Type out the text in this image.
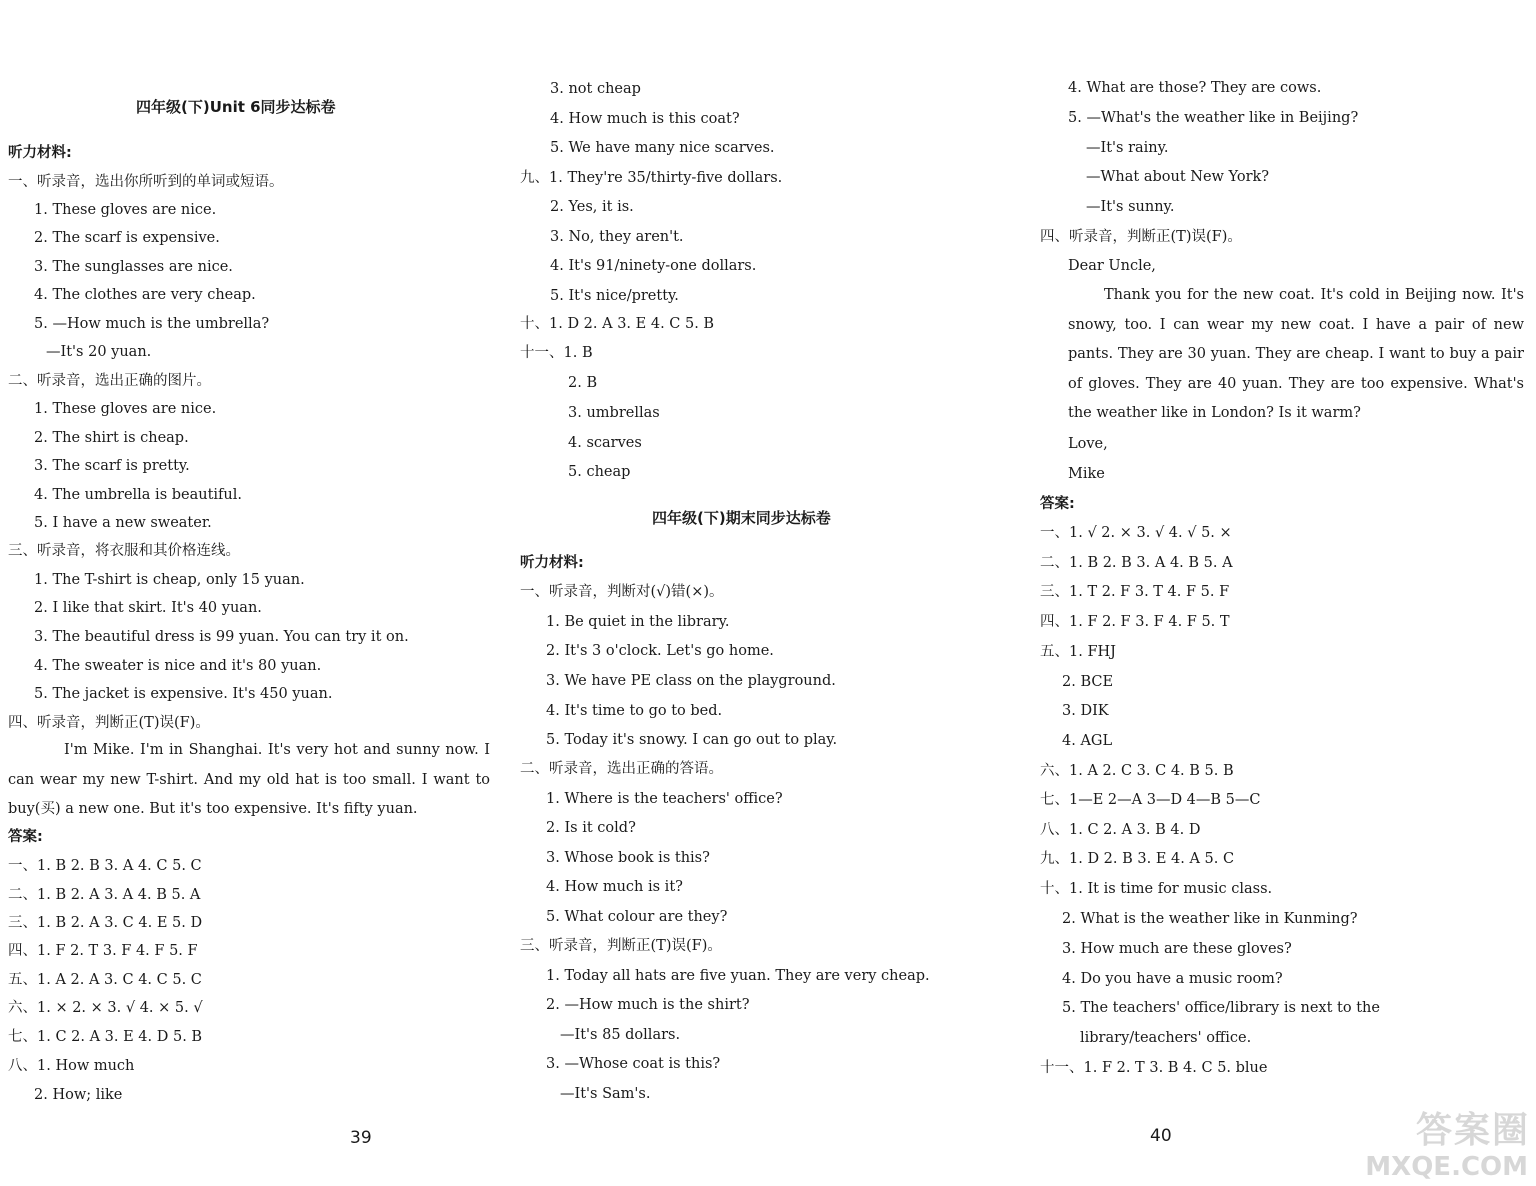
四年级(下)Unit 6同步达标卷
听力材料:
一、听录音，选出你所听到的单词或短语。
1. These gloves are nice.
2. The scarf is expensive.
3. The sunglasses are nice.
4. The clothes are very cheap.
5. —How much is the umbrella?
—It's 20 yuan.
二、听录音，选出正确的图片。
1. These gloves are nice.
2. The shirt is cheap.
3. The scarf is pretty.
4. The umbrella is beautiful.
5. I have a new sweater.
三、听录音，将衣服和其价格连线。
1. The T-shirt is cheap, only 15 yuan.
2. I like that skirt. It's 40 yuan.
3. The beautiful dress is 99 yuan. You can try it on.
4. The sweater is nice and it's 80 yuan.
5. The jacket is expensive. It's 450 yuan.
四、听录音，判断正(T)误(F)。
I'm Mike. I'm in Shanghai. It's very hot and sunny now. I can wear my new T-shirt. And my old hat is too small. I want to buy(买) a new one. But it's too expensive. It's fifty yuan.
答案:
一、1. B 2. B 3. A 4. C 5. C
二、1. B 2. A 3. A 4. B 5. A
三、1. B 2. A 3. C 4. E 5. D
四、1. F 2. T 3. F 4. F 5. F
五、1. A 2. A 3. C 4. C 5. C
六、1. × 2. × 3. √ 4. × 5. √
七、1. C 2. A 3. E 4. D 5. B
八、1. How much
2. How; like
39
3. not cheap
4. How much is this coat?
5. We have many nice scarves.
九、1. They're 35/thirty-five dollars.
2. Yes, it is.
3. No, they aren't.
4. It's 91/ninety-one dollars.
5. It's nice/pretty.
十、1. D 2. A 3. E 4. C 5. B
十一、1. B
2. B
3. umbrellas
4. scarves
5. cheap
四年级(下)期末同步达标卷
听力材料:
一、听录音，判断对(√)错(×)。
1. Be quiet in the library.
2. It's 3 o'clock. Let's go home.
3. We have PE class on the playground.
4. It's time to go to bed.
5. Today it's snowy. I can go out to play.
二、听录音，选出正确的答语。
1. Where is the teachers' office?
2. Is it cold?
3. Whose book is this?
4. How much is it?
5. What colour are they?
三、听录音，判断正(T)误(F)。
1. Today all hats are five yuan. They are very cheap.
2. —How much is the shirt?
—It's 85 dollars.
3. —Whose coat is this?
—It's Sam's.
4. What are those? They are cows.
5. —What's the weather like in Beijing?
—It's rainy.
—What about New York?
—It's sunny.
四、听录音，判断正(T)误(F)。
Dear Uncle,
Thank you for the new coat. It's cold in Beijing now. It's snowy, too. I can wear my new coat. I have a pair of new pants. They are 30 yuan. They are cheap. I want to buy a pair of gloves. They are 40 yuan. They are too expensive. What's the weather like in London? Is it warm?
Love,
Mike
答案:
一、1. √ 2. × 3. √ 4. √ 5. ×
二、1. B 2. B 3. A 4. B 5. A
三、1. T 2. F 3. T 4. F 5. F
四、1. F 2. F 3. F 4. F 5. T
五、1. FHJ
2. BCE
3. DIK
4. AGL
六、1. A 2. C 3. C 4. B 5. B
七、1—E 2—A 3—D 4—B 5—C
八、1. C 2. A 3. B 4. D
九、1. D 2. B 3. E 4. A 5. C
十、1. It is time for music class.
2. What is the weather like in Kunming?
3. How much are these gloves?
4. Do you have a music room?
5. The teachers' office/library is next to the
library/teachers' office.
十一、1. F 2. T 3. B 4. C 5. blue
40	答案圈
MXQE.COM
